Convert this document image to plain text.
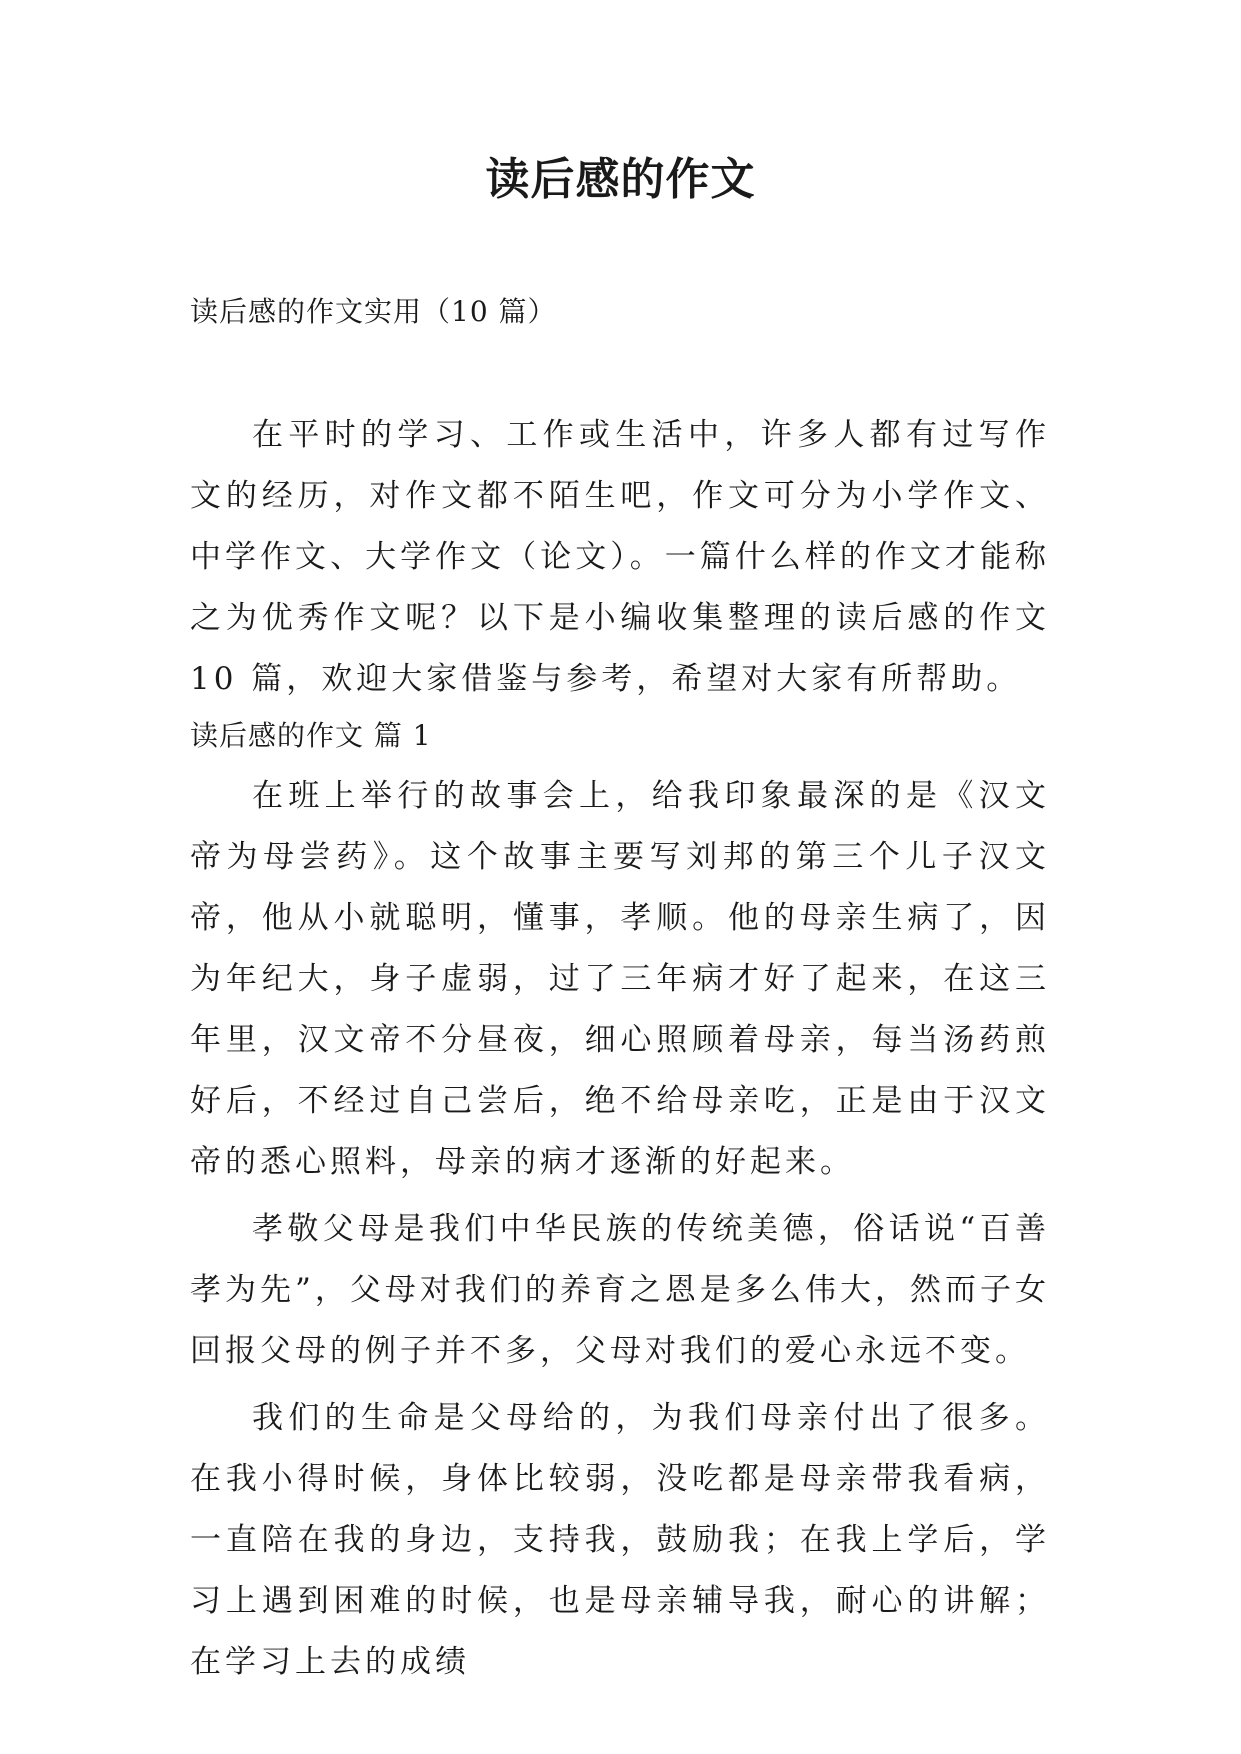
读后感的作文

读后感的作文实用（10 篇）

在平时的学习、工作或生活中，许多人都有过写作文的经历，对作文都不陌生吧，作文可分为小学作文、中学作文、大学作文（论文）。一篇什么样的作文才能称之为优秀作文呢？以下是小编收集整理的读后感的作文 10 篇，欢迎大家借鉴与参考，希望对大家有所帮助。

读后感的作文 篇 1

在班上举行的故事会上，给我印象最深的是《汉文帝为母尝药》。这个故事主要写刘邦的第三个儿子汉文帝，他从小就聪明，懂事，孝顺。他的母亲生病了，因为年纪大，身子虚弱，过了三年病才好了起来，在这三年里，汉文帝不分昼夜，细心照顾着母亲，每当汤药煎好后，不经过自己尝后，绝不给母亲吃，正是由于汉文帝的悉心照料，母亲的病才逐渐的好起来。

孝敬父母是我们中华民族的传统美德，俗话说“百善孝为先”，父母对我们的养育之恩是多么伟大，然而子女回报父母的例子并不多，父母对我们的爱心永远不变。

我们的生命是父母给的，为我们母亲付出了很多。在我小得时候，身体比较弱，没吃都是母亲带我看病，一直陪在我的身边，支持我，鼓励我；在我上学后，学习上遇到困难的时候，也是母亲辅导我，耐心的讲解；在学习上去的成绩
